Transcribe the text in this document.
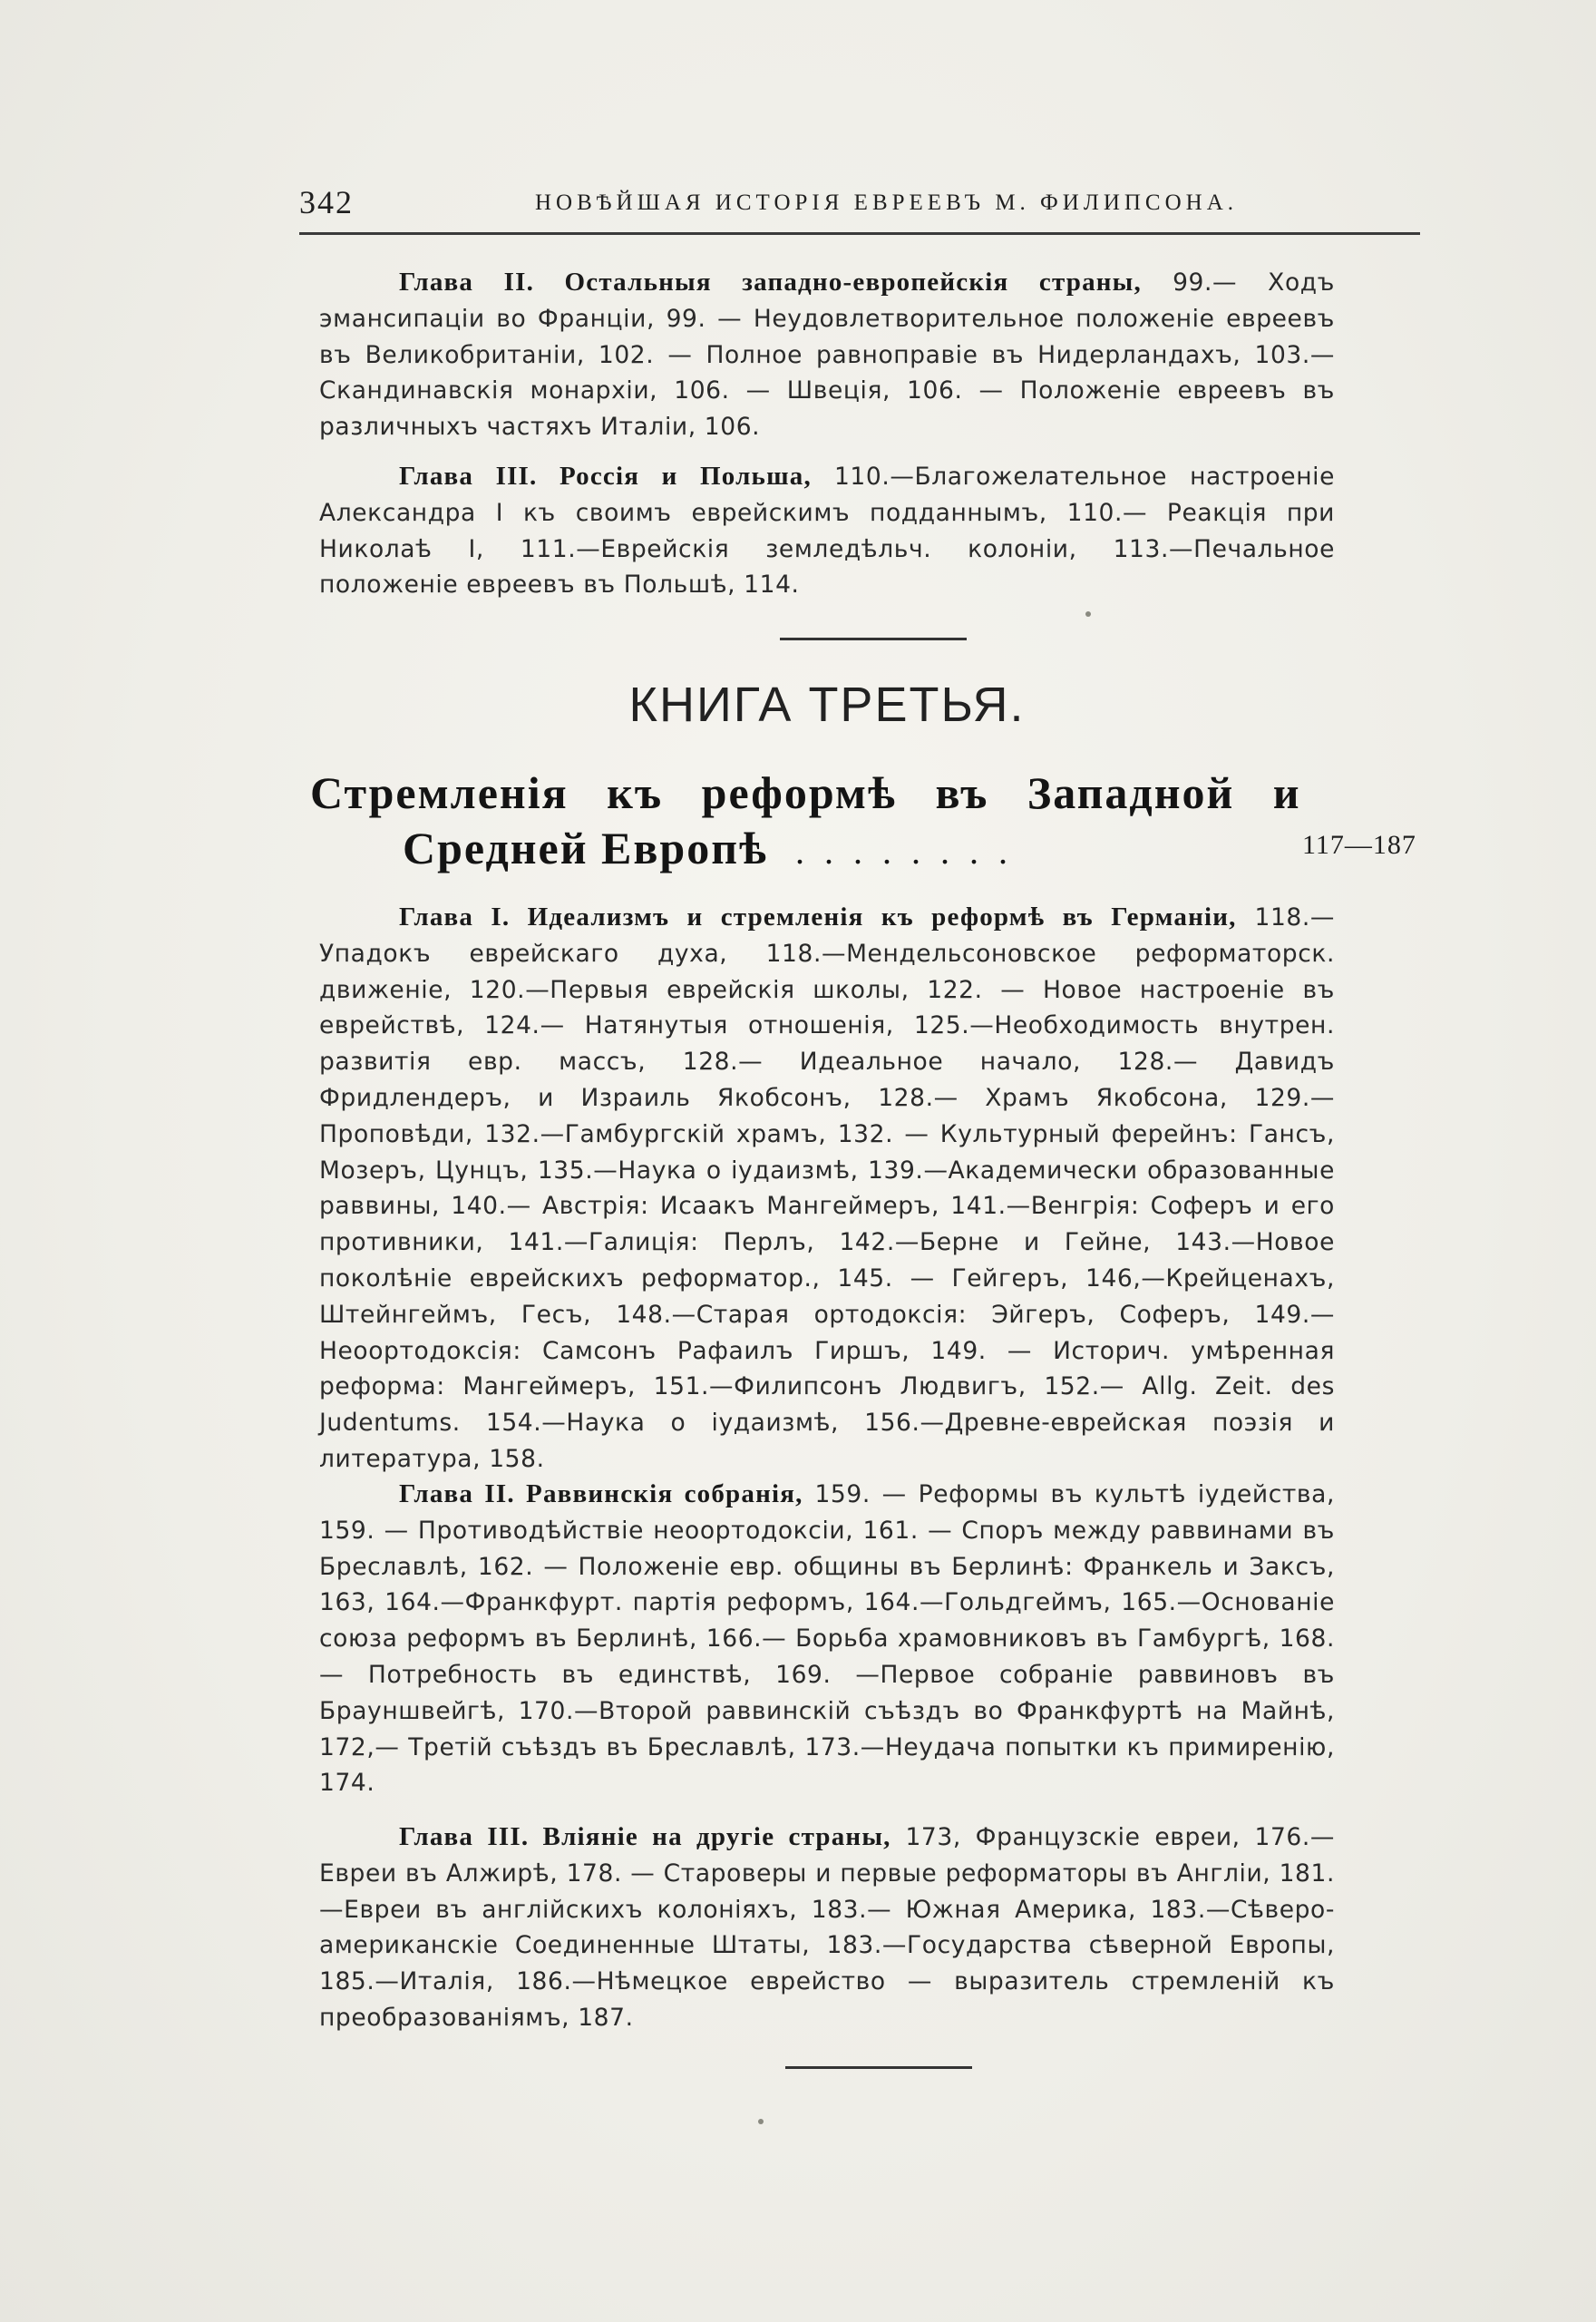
342	НОВѢЙШАЯ ИСТОРІЯ ЕВРЕЕВЪ М. ФИЛИПСОНА.

Глава II. Остальныя западно-европейскія страны, 99.— Ходъ эмансипаціи во Франціи, 99. — Неудовлетворительное положеніе евреевъ въ Великобританіи, 102. — Полное равноправіе въ Нидерландахъ, 103.—Скандинавскія монархіи, 106. — Швеція, 106. — Положеніе евреевъ въ различныхъ частяхъ Италіи, 106.

Глава III. Россія и Польша, 110.—Благожелательное настроеніе Александра I къ своимъ еврейскимъ подданнымъ, 110.— Реакція при Николаѣ I, 111.—Еврейскія земледѣльч. колоніи, 113.—Печальное положеніе евреевъ въ Польшѣ, 114.

КНИГА ТРЕТЬЯ.
Стремленія къ реформѣ въ Западной и
Средней Европѣ ........	117—187

Глава I. Идеализмъ и стремленія къ реформѣ въ Германіи, 118.— Упадокъ еврейскаго духа, 118.—Мендельсоновское реформаторск. движеніе, 120.—Первыя еврейскія школы, 122. — Новое настроеніе въ еврействѣ, 124.— Натянутыя отношенія, 125.—Необходимость внутрен. развитія евр. массъ, 128.— Идеальное начало, 128.— Давидъ Фридлендеръ, и Израиль Якобсонъ, 128.— Храмъ Якобсона, 129.— Проповѣди, 132.—Гамбургскій храмъ, 132. — Культурный ферейнъ: Гансъ, Мозеръ, Цунцъ, 135.—Наука о іудаизмѣ, 139.—Академически образованные раввины, 140.— Австрія: Исаакъ Мангеймеръ, 141.—Венгрія: Соферъ и его противники, 141.—Галиція: Перлъ, 142.—Берне и Гейне, 143.—Новое поколѣніе еврейскихъ реформатор., 145. — Гейгеръ, 146,—Крейценахъ, Штейнгеймъ, Гесъ, 148.—Старая ортодоксія: Эйгеръ, Соферъ, 149.—Неоортодоксія: Самсонъ Рафаилъ Гиршъ, 149. — Историч. умѣренная реформа: Мангеймеръ, 151.—Филипсонъ Людвигъ, 152.— Allg. Zeit. des Judentums. 154.—Наука о іудаизмѣ, 156.—Древне-еврейская поэзія и литература, 158.

Глава II. Раввинскія собранія, 159. — Реформы въ культѣ іудейства, 159. — Противодѣйствіе неоортодоксіи, 161. — Споръ между раввинами въ Бреславлѣ, 162. — Положеніе евр. общины въ Берлинѣ: Франкель и Заксъ, 163, 164.—Франкфурт. партія реформъ, 164.—Гольдгеймъ, 165.—Основаніе союза реформъ въ Берлинѣ, 166.— Борьба храмовниковъ въ Гамбургѣ, 168.— Потребность въ единствѣ, 169. —Первое собраніе раввиновъ въ Брауншвейгѣ, 170.—Второй раввинскій съѣздъ во Франкфуртѣ на Майнѣ, 172,— Третій съѣздъ въ Бреславлѣ, 173.—Неудача попытки къ примиренію, 174.

Глава III. Вліяніе на другіе страны, 173, Французскіе евреи, 176.—Евреи въ Алжирѣ, 178. — Староверы и первые реформаторы въ Англіи, 181.—Евреи въ англійскихъ колоніяхъ, 183.— Южная Америка, 183.—Сѣверо-американскіе Соединенные Штаты, 183.—Государства сѣверной Европы, 185.—Италія, 186.—Нѣмецкое еврейство — выразитель стремленій къ преобразованіямъ, 187.
